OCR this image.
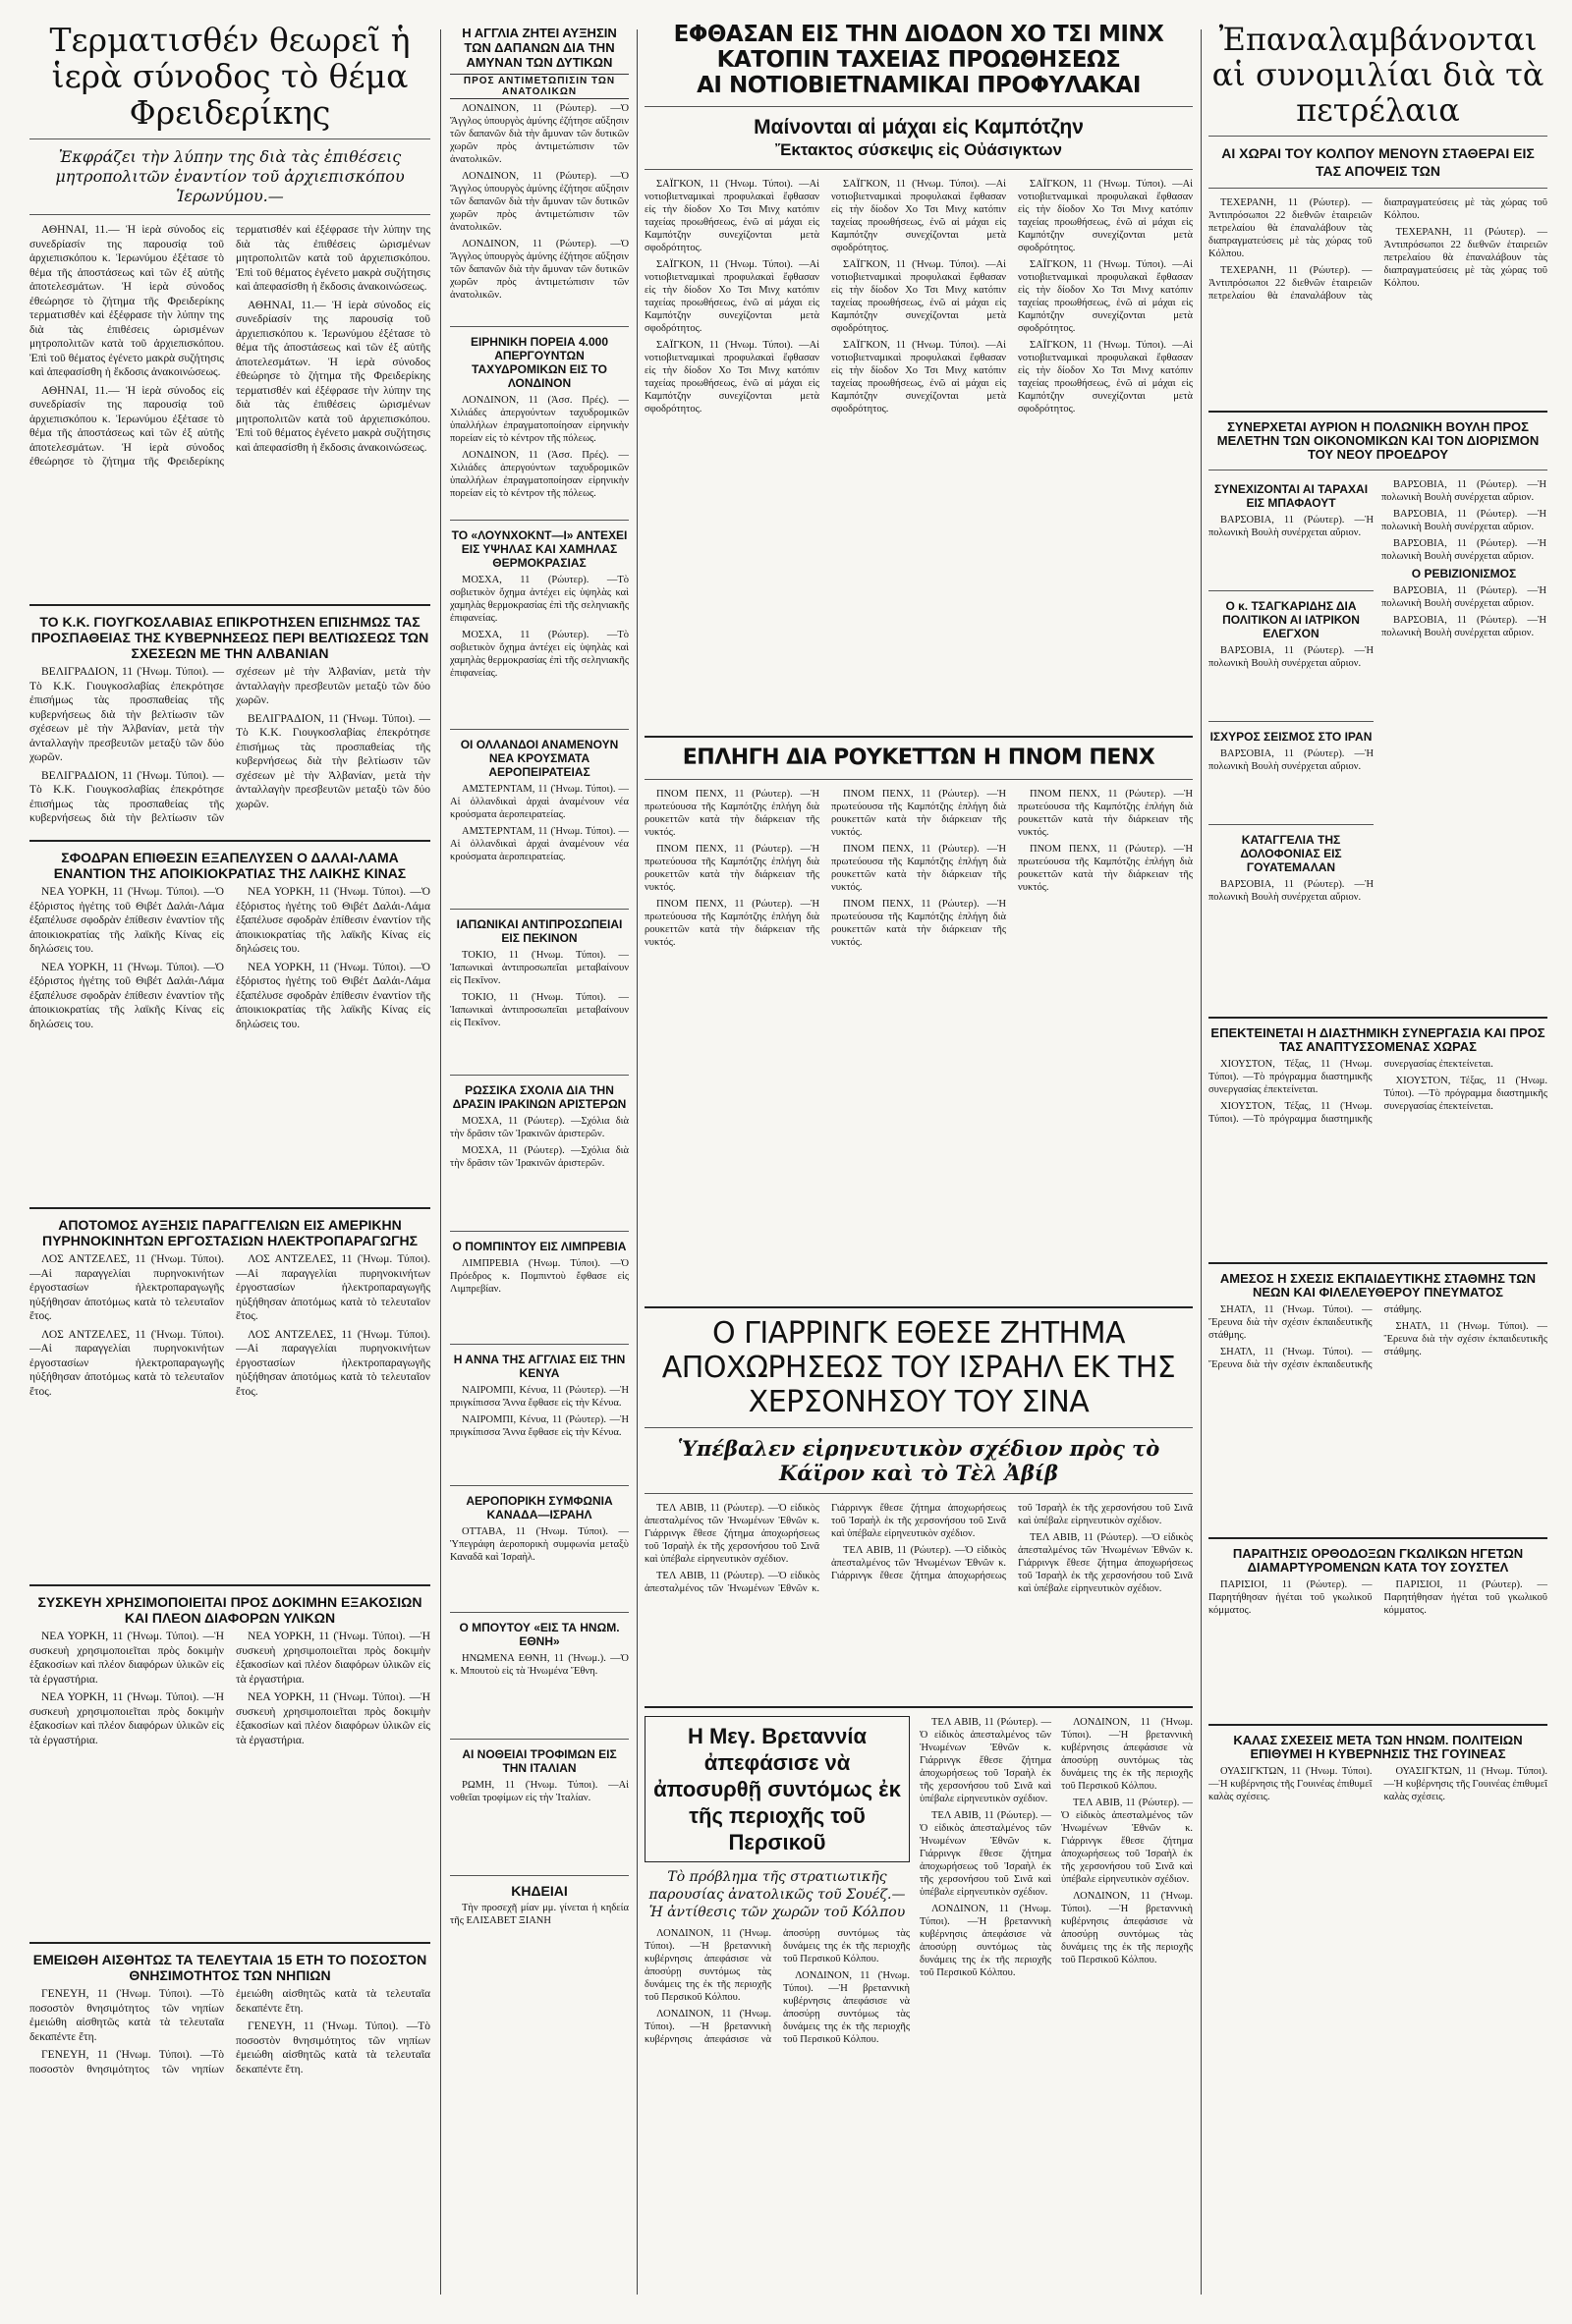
Τερματισθέν θεωρεῖ ἡ ἱερὰ σύνοδος τὸ θέμα Φρειδερίκης
Ἐκφράζει τὴν λύπην της διὰ τὰς ἐπιθέσεις μητροπολιτῶν ἐναντίον τοῦ ἀρχιεπισκόπου Ἱερωνύμου.—

ΑΘΗΝΑΙ, 11.— Ἡ ἱερὰ σύνοδος εἰς συνεδρίασίν της παρουσίᾳ τοῦ ἀρχιεπισκόπου κ. Ἱερωνύμου ἐξέτασε τὸ θέμα τῆς ἀποστάσεως καὶ τῶν ἐξ αὐτῆς ἀποτελεσμάτων. Ἡ ἱερὰ σύνοδος ἐθεώρησε τὸ ζήτημα τῆς Φρειδερίκης τερματισθέν καὶ ἐξέφρασε τὴν λύπην της διὰ τὰς ἐπιθέσεις ὡρισμένων μητροπολιτῶν κατὰ τοῦ ἀρχιεπισκόπου. Ἐπὶ τοῦ θέματος ἐγένετο μακρὰ συζήτησις καὶ ἀπεφασίσθη ἡ ἔκδοσις ἀνακοινώσεως.

ΑΘΗΝΑΙ, 11.— Ἡ ἱερὰ σύνοδος εἰς συνεδρίασίν της παρουσίᾳ τοῦ ἀρχιεπισκόπου κ. Ἱερωνύμου ἐξέτασε τὸ θέμα τῆς ἀποστάσεως καὶ τῶν ἐξ αὐτῆς ἀποτελεσμάτων. Ἡ ἱερὰ σύνοδος ἐθεώρησε τὸ ζήτημα τῆς Φρειδερίκης τερματισθέν καὶ ἐξέφρασε τὴν λύπην της διὰ τὰς ἐπιθέσεις ὡρισμένων μητροπολιτῶν κατὰ τοῦ ἀρχιεπισκόπου. Ἐπὶ τοῦ θέματος ἐγένετο μακρὰ συζήτησις καὶ ἀπεφασίσθη ἡ ἔκδοσις ἀνακοινώσεως.

ΑΘΗΝΑΙ, 11.— Ἡ ἱερὰ σύνοδος εἰς συνεδρίασίν της παρουσίᾳ τοῦ ἀρχιεπισκόπου κ. Ἱερωνύμου ἐξέτασε τὸ θέμα τῆς ἀποστάσεως καὶ τῶν ἐξ αὐτῆς ἀποτελεσμάτων. Ἡ ἱερὰ σύνοδος ἐθεώρησε τὸ ζήτημα τῆς Φρειδερίκης τερματισθέν καὶ ἐξέφρασε τὴν λύπην της διὰ τὰς ἐπιθέσεις ὡρισμένων μητροπολιτῶν κατὰ τοῦ ἀρχιεπισκόπου. Ἐπὶ τοῦ θέματος ἐγένετο μακρὰ συζήτησις καὶ ἀπεφασίσθη ἡ ἔκδοσις ἀνακοινώσεως.

ΤΟ Κ.Κ. ΓΙΟΥΓΚΟΣΛΑΒΙΑΣ ΕΠΙΚΡΟΤΗΣΕΝ ΕΠΙΣΗΜΩΣ ΤΑΣ ΠΡΟΣΠΑΘΕΙΑΣ ΤΗΣ ΚΥΒΕΡΝΗΣΕΩΣ ΠΕΡΙ ΒΕΛΤΙΩΣΕΩΣ ΤΩΝ ΣΧΕΣΕΩΝ ΜΕ ΤΗΝ ΑΛΒΑΝΙΑΝ

ΒΕΛΙΓΡΑΔΙΟΝ, 11 (Ἡνωμ. Τύποι). —Τὸ Κ.Κ. Γιουγκοσλαβίας ἐπεκρότησε ἐπισήμως τὰς προσπαθείας τῆς κυβερνήσεως διὰ τὴν βελτίωσιν τῶν σχέσεων μὲ τὴν Ἀλβανίαν, μετὰ τὴν ἀνταλλαγὴν πρεσβευτῶν μεταξὺ τῶν δύο χωρῶν.

ΒΕΛΙΓΡΑΔΙΟΝ, 11 (Ἡνωμ. Τύποι). —Τὸ Κ.Κ. Γιουγκοσλαβίας ἐπεκρότησε ἐπισήμως τὰς προσπαθείας τῆς κυβερνήσεως διὰ τὴν βελτίωσιν τῶν σχέσεων μὲ τὴν Ἀλβανίαν, μετὰ τὴν ἀνταλλαγὴν πρεσβευτῶν μεταξὺ τῶν δύο χωρῶν.

ΒΕΛΙΓΡΑΔΙΟΝ, 11 (Ἡνωμ. Τύποι). —Τὸ Κ.Κ. Γιουγκοσλαβίας ἐπεκρότησε ἐπισήμως τὰς προσπαθείας τῆς κυβερνήσεως διὰ τὴν βελτίωσιν τῶν σχέσεων μὲ τὴν Ἀλβανίαν, μετὰ τὴν ἀνταλλαγὴν πρεσβευτῶν μεταξὺ τῶν δύο χωρῶν.

ΣΦΟΔΡΑΝ ΕΠΙΘΕΣΙΝ ΕΞΑΠΕΛΥΣΕΝ Ο ΔΑΛΑΙ-ΛΑΜΑ ΕΝΑΝΤΙΟΝ ΤΗΣ ΑΠΟΙΚΙΟΚΡΑΤΙΑΣ ΤΗΣ ΛΑΙΚΗΣ ΚΙΝΑΣ

ΝΕΑ ΥΟΡΚΗ, 11 (Ἡνωμ. Τύποι). —Ὁ ἐξόριστος ἡγέτης τοῦ Θιβέτ Δαλάι-Λάμα ἐξαπέλυσε σφοδρὰν ἐπίθεσιν ἐναντίον τῆς ἀποικιοκρατίας τῆς λαϊκῆς Κίνας εἰς δηλώσεις του.

ΝΕΑ ΥΟΡΚΗ, 11 (Ἡνωμ. Τύποι). —Ὁ ἐξόριστος ἡγέτης τοῦ Θιβέτ Δαλάι-Λάμα ἐξαπέλυσε σφοδρὰν ἐπίθεσιν ἐναντίον τῆς ἀποικιοκρατίας τῆς λαϊκῆς Κίνας εἰς δηλώσεις του.

ΝΕΑ ΥΟΡΚΗ, 11 (Ἡνωμ. Τύποι). —Ὁ ἐξόριστος ἡγέτης τοῦ Θιβέτ Δαλάι-Λάμα ἐξαπέλυσε σφοδρὰν ἐπίθεσιν ἐναντίον τῆς ἀποικιοκρατίας τῆς λαϊκῆς Κίνας εἰς δηλώσεις του.

ΝΕΑ ΥΟΡΚΗ, 11 (Ἡνωμ. Τύποι). —Ὁ ἐξόριστος ἡγέτης τοῦ Θιβέτ Δαλάι-Λάμα ἐξαπέλυσε σφοδρὰν ἐπίθεσιν ἐναντίον τῆς ἀποικιοκρατίας τῆς λαϊκῆς Κίνας εἰς δηλώσεις του.

ΑΠΟΤΟΜΟΣ ΑΥΞΗΣΙΣ ΠΑΡΑΓΓΕΛΙΩΝ ΕΙΣ ΑΜΕΡΙΚΗΝ ΠΥΡΗΝΟΚΙΝΗΤΩΝ ΕΡΓΟΣΤΑΣΙΩΝ ΗΛΕΚΤΡΟΠΑΡΑΓΩΓΗΣ

ΛΟΣ ΑΝΤΖΕΛΕΣ, 11 (Ἡνωμ. Τύποι). —Αἱ παραγγελίαι πυρηνοκινήτων ἐργοστασίων ἠλεκτροπαραγωγῆς ηὐξήθησαν ἀποτόμως κατὰ τὸ τελευταῖον ἔτος.

ΛΟΣ ΑΝΤΖΕΛΕΣ, 11 (Ἡνωμ. Τύποι). —Αἱ παραγγελίαι πυρηνοκινήτων ἐργοστασίων ἠλεκτροπαραγωγῆς ηὐξήθησαν ἀποτόμως κατὰ τὸ τελευταῖον ἔτος.

ΛΟΣ ΑΝΤΖΕΛΕΣ, 11 (Ἡνωμ. Τύποι). —Αἱ παραγγελίαι πυρηνοκινήτων ἐργοστασίων ἠλεκτροπαραγωγῆς ηὐξήθησαν ἀποτόμως κατὰ τὸ τελευταῖον ἔτος.

ΛΟΣ ΑΝΤΖΕΛΕΣ, 11 (Ἡνωμ. Τύποι). —Αἱ παραγγελίαι πυρηνοκινήτων ἐργοστασίων ἠλεκτροπαραγωγῆς ηὐξήθησαν ἀποτόμως κατὰ τὸ τελευταῖον ἔτος.

ΣΥΣΚΕΥΗ ΧΡΗΣΙΜΟΠΟΙΕΙΤΑΙ ΠΡΟΣ ΔΟΚΙΜΗΝ ΕΞΑΚΟΣΙΩΝ ΚΑΙ ΠΛΕΟΝ ΔΙΑΦΟΡΩΝ ΥΛΙΚΩΝ

ΝΕΑ ΥΟΡΚΗ, 11 (Ἡνωμ. Τύποι). —Ἡ συσκευὴ χρησιμοποιεῖται πρὸς δοκιμὴν ἑξακοσίων καὶ πλέον διαφόρων ὑλικῶν εἰς τὰ ἐργαστήρια.

ΝΕΑ ΥΟΡΚΗ, 11 (Ἡνωμ. Τύποι). —Ἡ συσκευὴ χρησιμοποιεῖται πρὸς δοκιμὴν ἑξακοσίων καὶ πλέον διαφόρων ὑλικῶν εἰς τὰ ἐργαστήρια.

ΝΕΑ ΥΟΡΚΗ, 11 (Ἡνωμ. Τύποι). —Ἡ συσκευὴ χρησιμοποιεῖται πρὸς δοκιμὴν ἑξακοσίων καὶ πλέον διαφόρων ὑλικῶν εἰς τὰ ἐργαστήρια.

ΝΕΑ ΥΟΡΚΗ, 11 (Ἡνωμ. Τύποι). —Ἡ συσκευὴ χρησιμοποιεῖται πρὸς δοκιμὴν ἑξακοσίων καὶ πλέον διαφόρων ὑλικῶν εἰς τὰ ἐργαστήρια.

ΕΜΕΙΩΘΗ ΑΙΣΘΗΤΩΣ ΤΑ ΤΕΛΕΥΤΑΙΑ 15 ΕΤΗ ΤΟ ΠΟΣΟΣΤΟΝ ΘΝΗΣΙΜΟΤΗΤΟΣ ΤΩΝ ΝΗΠΙΩΝ

ΓΕΝΕΥΗ, 11 (Ἡνωμ. Τύποι). —Τὸ ποσοστὸν θνησιμότητος τῶν νηπίων ἐμειώθη αἰσθητῶς κατὰ τὰ τελευταῖα δεκαπέντε ἔτη.

ΓΕΝΕΥΗ, 11 (Ἡνωμ. Τύποι). —Τὸ ποσοστὸν θνησιμότητος τῶν νηπίων ἐμειώθη αἰσθητῶς κατὰ τὰ τελευταῖα δεκαπέντε ἔτη.

ΓΕΝΕΥΗ, 11 (Ἡνωμ. Τύποι). —Τὸ ποσοστὸν θνησιμότητος τῶν νηπίων ἐμειώθη αἰσθητῶς κατὰ τὰ τελευταῖα δεκαπέντε ἔτη.

Η ΑΓΓΛΙΑ ΖΗΤΕΙ ΑΥΞΗΣΙΝ ΤΩΝ ΔΑΠΑΝΩΝ ΔΙΑ ΤΗΝ ΑΜΥΝΑΝ ΤΩΝ ΔΥΤΙΚΩΝ
ΠΡΟΣ ΑΝΤΙΜΕΤΩΠΙΣΙΝ ΤΩΝ ΑΝΑΤΟΛΙΚΩΝ

ΛΟΝΔΙΝΟΝ, 11 (Ρώυτερ). —Ὁ Ἄγγλος ὑπουργὸς ἀμύνης ἐζήτησε αὔξησιν τῶν δαπανῶν διὰ τὴν ἄμυναν τῶν δυτικῶν χωρῶν πρὸς ἀντιμετώπισιν τῶν ἀνατολικῶν.

ΛΟΝΔΙΝΟΝ, 11 (Ρώυτερ). —Ὁ Ἄγγλος ὑπουργὸς ἀμύνης ἐζήτησε αὔξησιν τῶν δαπανῶν διὰ τὴν ἄμυναν τῶν δυτικῶν χωρῶν πρὸς ἀντιμετώπισιν τῶν ἀνατολικῶν.

ΛΟΝΔΙΝΟΝ, 11 (Ρώυτερ). —Ὁ Ἄγγλος ὑπουργὸς ἀμύνης ἐζήτησε αὔξησιν τῶν δαπανῶν διὰ τὴν ἄμυναν τῶν δυτικῶν χωρῶν πρὸς ἀντιμετώπισιν τῶν ἀνατολικῶν.

ΕΙΡΗΝΙΚΗ ΠΟΡΕΙΑ 4.000 ΑΠΕΡΓΟΥΝΤΩΝ ΤΑΧΥΔΡΟΜΙΚΩΝ ΕΙΣ ΤΟ ΛΟΝΔΙΝΟΝ

ΛΟΝΔΙΝΟΝ, 11 (Ἀσσ. Πρές). —Χιλιάδες ἀπεργούντων ταχυδρομικῶν ὑπαλλήλων ἐπραγματοποίησαν εἰρηνικὴν πορείαν εἰς τὸ κέντρον τῆς πόλεως.

ΛΟΝΔΙΝΟΝ, 11 (Ἀσσ. Πρές). —Χιλιάδες ἀπεργούντων ταχυδρομικῶν ὑπαλλήλων ἐπραγματοποίησαν εἰρηνικὴν πορείαν εἰς τὸ κέντρον τῆς πόλεως.

ΤΟ «ΛΟΥΝΧΟΚΝΤ—Ι» ΑΝΤΕΧΕΙ ΕΙΣ ΥΨΗΛΑΣ ΚΑΙ ΧΑΜΗΛΑΣ ΘΕΡΜΟΚΡΑΣΙΑΣ

ΜΟΣΧΑ, 11 (Ρώυτερ). —Τὸ σοβιετικὸν ὄχημα ἀντέχει εἰς ὑψηλὰς καὶ χαμηλὰς θερμοκρασίας ἐπὶ τῆς σεληνιακῆς ἐπιφανείας.

ΜΟΣΧΑ, 11 (Ρώυτερ). —Τὸ σοβιετικὸν ὄχημα ἀντέχει εἰς ὑψηλὰς καὶ χαμηλὰς θερμοκρασίας ἐπὶ τῆς σεληνιακῆς ἐπιφανείας.

ΟΙ ΟΛΛΑΝΔΟΙ ΑΝΑΜΕΝΟΥΝ ΝΕΑ ΚΡΟΥΣΜΑΤΑ ΑΕΡΟΠΕΙΡΑΤΕΙΑΣ

ΑΜΣΤΕΡΝΤΑΜ, 11 (Ἡνωμ. Τύποι). —Αἱ ὀλλανδικαὶ ἀρχαὶ ἀναμένουν νέα κρούσματα ἀεροπειρατείας.

ΑΜΣΤΕΡΝΤΑΜ, 11 (Ἡνωμ. Τύποι). —Αἱ ὀλλανδικαὶ ἀρχαὶ ἀναμένουν νέα κρούσματα ἀεροπειρατείας.

ΙΑΠΩΝΙΚΑΙ ΑΝΤΙΠΡΟΣΩΠΕΙΑΙ ΕΙΣ ΠΕΚΙΝΟΝ

ΤΟΚΙΟ, 11 (Ἡνωμ. Τύποι). —Ἰαπωνικαὶ ἀντιπροσωπεῖαι μεταβαίνουν εἰς Πεκῖνον.

ΤΟΚΙΟ, 11 (Ἡνωμ. Τύποι). —Ἰαπωνικαὶ ἀντιπροσωπεῖαι μεταβαίνουν εἰς Πεκῖνον.

ΡΩΣΣΙΚΑ ΣΧΟΛΙΑ ΔΙΑ ΤΗΝ ΔΡΑΣΙΝ ΙΡΑΚΙΝΩΝ ΑΡΙΣΤΕΡΩΝ

ΜΟΣΧΑ, 11 (Ρώυτερ). —Σχόλια διὰ τὴν δρᾶσιν τῶν Ἰρακινῶν ἀριστερῶν.

ΜΟΣΧΑ, 11 (Ρώυτερ). —Σχόλια διὰ τὴν δρᾶσιν τῶν Ἰρακινῶν ἀριστερῶν.

Ο ΠΟΜΠΙΝΤΟΥ ΕΙΣ ΛΙΜΠΡΕΒΙΑ

ΛΙΜΠΡΕΒΙΑ (Ἡνωμ. Τύποι). —Ὁ Πρόεδρος κ. Πομπιντοὺ ἔφθασε εἰς Λιμπρεβίαν.

Η ΑΝΝΑ ΤΗΣ ΑΓΓΛΙΑΣ ΕΙΣ ΤΗΝ ΚΕΝΥΑ

ΝΑΙΡΟΜΠΙ, Κένυα, 11 (Ρώυτερ). —Ἡ πριγκίπισσα Ἄννα ἔφθασε εἰς τὴν Κένυα.

ΝΑΙΡΟΜΠΙ, Κένυα, 11 (Ρώυτερ). —Ἡ πριγκίπισσα Ἄννα ἔφθασε εἰς τὴν Κένυα.

ΑΕΡΟΠΟΡΙΚΗ ΣΥΜΦΩΝΙΑ ΚΑΝΑΔΑ—ΙΣΡΑΗΛ

ΟΤΤΑΒΑ, 11 (Ἡνωμ. Τύποι). —Ὑπεγράφη ἀεροπορικὴ συμφωνία μεταξὺ Καναδᾶ καὶ Ἰσραὴλ.

Ο ΜΠΟΥΤΟΥ «ΕΙΣ ΤΑ ΗΝΩΜ. ΕΘΝΗ»

ΗΝΩΜΕΝΑ ΕΘΝΗ, 11 (Ἡνωμ.). —Ὁ κ. Μπουτοὺ εἰς τὰ Ἡνωμένα Ἔθνη.

ΑΙ ΝΟΘΕΙΑΙ ΤΡΟΦΙΜΩΝ ΕΙΣ ΤΗΝ ΙΤΑΛΙΑΝ

ΡΩΜΗ, 11 (Ἡνωμ. Τύποι). —Αἱ νοθεῖαι τροφίμων εἰς τὴν Ἰταλίαν.

ΚΗΔΕΙΑΙ

Τὴν προσεχῆ μίαν μμ. γίνεται ἡ κηδεία τῆς ΕΛΙΣΑΒΕΤ ΞΙΑΝΗ

ΕΦΘΑΣΑΝ ΕΙΣ ΤΗΝ ΔΙΟΔΟΝ ΧΟ ΤΣΙ ΜΙΝΧ
ΚΑΤΟΠΙΝ ΤΑΧΕΙΑΣ ΠΡΟΩΘΗΣΕΩΣ
ΑΙ ΝΟΤΙΟΒΙΕΤΝΑΜΙΚΑΙ ΠΡΟΦΥΛΑΚΑΙ
Μαίνονται αἱ μάχαι εἰς Καμπότζην
Ἔκτακτος σύσκεψις εἰς Οὐάσιγκτων

ΣΑΪΓΚΟΝ, 11 (Ἡνωμ. Τύποι). —Αἱ νοτιοβιετναμικαὶ προφυλακαὶ ἔφθασαν εἰς τὴν δίοδον Χο Τσι Μινχ κατόπιν ταχείας προωθήσεως, ἐνῶ αἱ μάχαι εἰς Καμπότζην συνεχίζονται μετὰ σφοδρότητος.

ΣΑΪΓΚΟΝ, 11 (Ἡνωμ. Τύποι). —Αἱ νοτιοβιετναμικαὶ προφυλακαὶ ἔφθασαν εἰς τὴν δίοδον Χο Τσι Μινχ κατόπιν ταχείας προωθήσεως, ἐνῶ αἱ μάχαι εἰς Καμπότζην συνεχίζονται μετὰ σφοδρότητος.

ΣΑΪΓΚΟΝ, 11 (Ἡνωμ. Τύποι). —Αἱ νοτιοβιετναμικαὶ προφυλακαὶ ἔφθασαν εἰς τὴν δίοδον Χο Τσι Μινχ κατόπιν ταχείας προωθήσεως, ἐνῶ αἱ μάχαι εἰς Καμπότζην συνεχίζονται μετὰ σφοδρότητος.

ΣΑΪΓΚΟΝ, 11 (Ἡνωμ. Τύποι). —Αἱ νοτιοβιετναμικαὶ προφυλακαὶ ἔφθασαν εἰς τὴν δίοδον Χο Τσι Μινχ κατόπιν ταχείας προωθήσεως, ἐνῶ αἱ μάχαι εἰς Καμπότζην συνεχίζονται μετὰ σφοδρότητος.

ΣΑΪΓΚΟΝ, 11 (Ἡνωμ. Τύποι). —Αἱ νοτιοβιετναμικαὶ προφυλακαὶ ἔφθασαν εἰς τὴν δίοδον Χο Τσι Μινχ κατόπιν ταχείας προωθήσεως, ἐνῶ αἱ μάχαι εἰς Καμπότζην συνεχίζονται μετὰ σφοδρότητος.

ΣΑΪΓΚΟΝ, 11 (Ἡνωμ. Τύποι). —Αἱ νοτιοβιετναμικαὶ προφυλακαὶ ἔφθασαν εἰς τὴν δίοδον Χο Τσι Μινχ κατόπιν ταχείας προωθήσεως, ἐνῶ αἱ μάχαι εἰς Καμπότζην συνεχίζονται μετὰ σφοδρότητος.

ΣΑΪΓΚΟΝ, 11 (Ἡνωμ. Τύποι). —Αἱ νοτιοβιετναμικαὶ προφυλακαὶ ἔφθασαν εἰς τὴν δίοδον Χο Τσι Μινχ κατόπιν ταχείας προωθήσεως, ἐνῶ αἱ μάχαι εἰς Καμπότζην συνεχίζονται μετὰ σφοδρότητος.

ΣΑΪΓΚΟΝ, 11 (Ἡνωμ. Τύποι). —Αἱ νοτιοβιετναμικαὶ προφυλακαὶ ἔφθασαν εἰς τὴν δίοδον Χο Τσι Μινχ κατόπιν ταχείας προωθήσεως, ἐνῶ αἱ μάχαι εἰς Καμπότζην συνεχίζονται μετὰ σφοδρότητος.

ΣΑΪΓΚΟΝ, 11 (Ἡνωμ. Τύποι). —Αἱ νοτιοβιετναμικαὶ προφυλακαὶ ἔφθασαν εἰς τὴν δίοδον Χο Τσι Μινχ κατόπιν ταχείας προωθήσεως, ἐνῶ αἱ μάχαι εἰς Καμπότζην συνεχίζονται μετὰ σφοδρότητος.

ΕΠΛΗΓΗ ΔΙΑ ΡΟΥΚΕΤΤΩΝ Η ΠΝΟΜ ΠΕΝΧ

ΠΝΟΜ ΠΕΝΧ, 11 (Ρώυτερ). —Ἡ πρωτεύουσα τῆς Καμπότζης ἐπλήγη διὰ ρουκεττῶν κατὰ τὴν διάρκειαν τῆς νυκτός.

ΠΝΟΜ ΠΕΝΧ, 11 (Ρώυτερ). —Ἡ πρωτεύουσα τῆς Καμπότζης ἐπλήγη διὰ ρουκεττῶν κατὰ τὴν διάρκειαν τῆς νυκτός.

ΠΝΟΜ ΠΕΝΧ, 11 (Ρώυτερ). —Ἡ πρωτεύουσα τῆς Καμπότζης ἐπλήγη διὰ ρουκεττῶν κατὰ τὴν διάρκειαν τῆς νυκτός.

ΠΝΟΜ ΠΕΝΧ, 11 (Ρώυτερ). —Ἡ πρωτεύουσα τῆς Καμπότζης ἐπλήγη διὰ ρουκεττῶν κατὰ τὴν διάρκειαν τῆς νυκτός.

ΠΝΟΜ ΠΕΝΧ, 11 (Ρώυτερ). —Ἡ πρωτεύουσα τῆς Καμπότζης ἐπλήγη διὰ ρουκεττῶν κατὰ τὴν διάρκειαν τῆς νυκτός.

ΠΝΟΜ ΠΕΝΧ, 11 (Ρώυτερ). —Ἡ πρωτεύουσα τῆς Καμπότζης ἐπλήγη διὰ ρουκεττῶν κατὰ τὴν διάρκειαν τῆς νυκτός.

ΠΝΟΜ ΠΕΝΧ, 11 (Ρώυτερ). —Ἡ πρωτεύουσα τῆς Καμπότζης ἐπλήγη διὰ ρουκεττῶν κατὰ τὴν διάρκειαν τῆς νυκτός.

ΠΝΟΜ ΠΕΝΧ, 11 (Ρώυτερ). —Ἡ πρωτεύουσα τῆς Καμπότζης ἐπλήγη διὰ ρουκεττῶν κατὰ τὴν διάρκειαν τῆς νυκτός.

Ο ΓΙΑΡΡΙΝΓΚ ΕΘΕΣΕ ΖΗΤΗΜΑ ΑΠΟΧΩΡΗΣΕΩΣ ΤΟΥ ΙΣΡΑΗΛ ΕΚ ΤΗΣ ΧΕΡΣΟΝΗΣΟΥ ΤΟΥ ΣΙΝΑ
Ὑπέβαλεν εἰρηνευτικὸν σχέδιον πρὸς τὸ Κάϊρον καὶ τὸ Τὲλ Ἀβίβ

ΤΕΛ ΑΒΙΒ, 11 (Ρώυτερ). —Ὁ εἰδικὸς ἀπεσταλμένος τῶν Ἡνωμένων Ἐθνῶν κ. Γιάρρινγκ ἔθεσε ζήτημα ἀποχωρήσεως τοῦ Ἰσραὴλ ἐκ τῆς χερσονήσου τοῦ Σινᾶ καὶ ὑπέβαλε εἰρηνευτικὸν σχέδιον.

ΤΕΛ ΑΒΙΒ, 11 (Ρώυτερ). —Ὁ εἰδικὸς ἀπεσταλμένος τῶν Ἡνωμένων Ἐθνῶν κ. Γιάρρινγκ ἔθεσε ζήτημα ἀποχωρήσεως τοῦ Ἰσραὴλ ἐκ τῆς χερσονήσου τοῦ Σινᾶ καὶ ὑπέβαλε εἰρηνευτικὸν σχέδιον.

ΤΕΛ ΑΒΙΒ, 11 (Ρώυτερ). —Ὁ εἰδικὸς ἀπεσταλμένος τῶν Ἡνωμένων Ἐθνῶν κ. Γιάρρινγκ ἔθεσε ζήτημα ἀποχωρήσεως τοῦ Ἰσραὴλ ἐκ τῆς χερσονήσου τοῦ Σινᾶ καὶ ὑπέβαλε εἰρηνευτικὸν σχέδιον.

ΤΕΛ ΑΒΙΒ, 11 (Ρώυτερ). —Ὁ εἰδικὸς ἀπεσταλμένος τῶν Ἡνωμένων Ἐθνῶν κ. Γιάρρινγκ ἔθεσε ζήτημα ἀποχωρήσεως τοῦ Ἰσραὴλ ἐκ τῆς χερσονήσου τοῦ Σινᾶ καὶ ὑπέβαλε εἰρηνευτικὸν σχέδιον.

Η Μεγ. Βρεταννία ἀπεφάσισε νὰ ἀποσυρθῇ συντόμως ἐκ τῆς περιοχῆς τοῦ Περσικοῦ
Τὸ πρόβλημα τῆς στρατιωτικῆς παρουσίας ἀνατολικῶς τοῦ Σουέζ.— Ἡ ἀντίθεσις τῶν χωρῶν τοῦ Κόλπου

ΛΟΝΔΙΝΟΝ, 11 (Ἡνωμ. Τύποι). —Ἡ βρεταννικὴ κυβέρνησις ἀπεφάσισε νὰ ἀποσύρῃ συντόμως τὰς δυνάμεις της ἐκ τῆς περιοχῆς τοῦ Περσικοῦ Κόλπου.

ΛΟΝΔΙΝΟΝ, 11 (Ἡνωμ. Τύποι). —Ἡ βρεταννικὴ κυβέρνησις ἀπεφάσισε νὰ ἀποσύρῃ συντόμως τὰς δυνάμεις της ἐκ τῆς περιοχῆς τοῦ Περσικοῦ Κόλπου.

ΛΟΝΔΙΝΟΝ, 11 (Ἡνωμ. Τύποι). —Ἡ βρεταννικὴ κυβέρνησις ἀπεφάσισε νὰ ἀποσύρῃ συντόμως τὰς δυνάμεις της ἐκ τῆς περιοχῆς τοῦ Περσικοῦ Κόλπου.

ΤΕΛ ΑΒΙΒ, 11 (Ρώυτερ). —Ὁ εἰδικὸς ἀπεσταλμένος τῶν Ἡνωμένων Ἐθνῶν κ. Γιάρρινγκ ἔθεσε ζήτημα ἀποχωρήσεως τοῦ Ἰσραὴλ ἐκ τῆς χερσονήσου τοῦ Σινᾶ καὶ ὑπέβαλε εἰρηνευτικὸν σχέδιον.

ΤΕΛ ΑΒΙΒ, 11 (Ρώυτερ). —Ὁ εἰδικὸς ἀπεσταλμένος τῶν Ἡνωμένων Ἐθνῶν κ. Γιάρρινγκ ἔθεσε ζήτημα ἀποχωρήσεως τοῦ Ἰσραὴλ ἐκ τῆς χερσονήσου τοῦ Σινᾶ καὶ ὑπέβαλε εἰρηνευτικὸν σχέδιον.

ΛΟΝΔΙΝΟΝ, 11 (Ἡνωμ. Τύποι). —Ἡ βρεταννικὴ κυβέρνησις ἀπεφάσισε νὰ ἀποσύρῃ συντόμως τὰς δυνάμεις της ἐκ τῆς περιοχῆς τοῦ Περσικοῦ Κόλπου.

ΛΟΝΔΙΝΟΝ, 11 (Ἡνωμ. Τύποι). —Ἡ βρεταννικὴ κυβέρνησις ἀπεφάσισε νὰ ἀποσύρῃ συντόμως τὰς δυνάμεις της ἐκ τῆς περιοχῆς τοῦ Περσικοῦ Κόλπου.

ΤΕΛ ΑΒΙΒ, 11 (Ρώυτερ). —Ὁ εἰδικὸς ἀπεσταλμένος τῶν Ἡνωμένων Ἐθνῶν κ. Γιάρρινγκ ἔθεσε ζήτημα ἀποχωρήσεως τοῦ Ἰσραὴλ ἐκ τῆς χερσονήσου τοῦ Σινᾶ καὶ ὑπέβαλε εἰρηνευτικὸν σχέδιον.

ΛΟΝΔΙΝΟΝ, 11 (Ἡνωμ. Τύποι). —Ἡ βρεταννικὴ κυβέρνησις ἀπεφάσισε νὰ ἀποσύρῃ συντόμως τὰς δυνάμεις της ἐκ τῆς περιοχῆς τοῦ Περσικοῦ Κόλπου.

Ἐπαναλαμβάνονται αἱ συνομιλίαι διὰ τὰ πετρέλαια
ΑΙ ΧΩΡΑΙ ΤΟΥ ΚΟΛΠΟΥ ΜΕΝΟΥΝ ΣΤΑΘΕΡΑΙ ΕΙΣ ΤΑΣ ΑΠΟΨΕΙΣ ΤΩΝ

ΤΕΧΕΡΑΝΗ, 11 (Ρώυτερ). —Ἀντιπρόσωποι 22 διεθνῶν ἑταιρειῶν πετρελαίου θὰ ἐπαναλάβουν τὰς διαπραγματεύσεις μὲ τὰς χώρας τοῦ Κόλπου.

ΤΕΧΕΡΑΝΗ, 11 (Ρώυτερ). —Ἀντιπρόσωποι 22 διεθνῶν ἑταιρειῶν πετρελαίου θὰ ἐπαναλάβουν τὰς διαπραγματεύσεις μὲ τὰς χώρας τοῦ Κόλπου.

ΤΕΧΕΡΑΝΗ, 11 (Ρώυτερ). —Ἀντιπρόσωποι 22 διεθνῶν ἑταιρειῶν πετρελαίου θὰ ἐπαναλάβουν τὰς διαπραγματεύσεις μὲ τὰς χώρας τοῦ Κόλπου.

ΣΥΝΕΡΧΕΤΑΙ ΑΥΡΙΟΝ Η ΠΟΛΩΝΙΚΗ ΒΟΥΛΗ ΠΡΟΣ ΜΕΛΕΤΗΝ ΤΩΝ ΟΙΚΟΝΟΜΙΚΩΝ ΚΑΙ ΤΟΝ ΔΙΟΡΙΣΜΟΝ ΤΟΥ ΝΕΟΥ ΠΡΟΕΔΡΟΥ
ΣΥΝΕΧΙΖΟΝΤΑΙ ΑΙ ΤΑΡΑΧΑΙ ΕΙΣ ΜΠΑΦΑΟΥΤ

ΒΑΡΣΟΒΙΑ, 11 (Ρώυτερ). —Ἡ πολωνικὴ Βουλὴ συνέρχεται αὔριον.

Ο κ. ΤΣΑΓΚΑΡΙΔΗΣ ΔΙΑ ΠΟΛΙΤΙΚΟΝ ΑΙ ΙΑΤΡΙΚΟΝ ΕΛΕΓΧΟΝ

ΒΑΡΣΟΒΙΑ, 11 (Ρώυτερ). —Ἡ πολωνικὴ Βουλὴ συνέρχεται αὔριον.

ΙΣΧΥΡΟΣ ΣΕΙΣΜΟΣ ΣΤΟ ΙΡΑΝ

ΒΑΡΣΟΒΙΑ, 11 (Ρώυτερ). —Ἡ πολωνικὴ Βουλὴ συνέρχεται αὔριον.

ΚΑΤΑΓΓΕΛΙΑ ΤΗΣ ΔΟΛΟΦΟΝΙΑΣ ΕΙΣ ΓΟΥΑΤΕΜΑΛΑΝ

ΒΑΡΣΟΒΙΑ, 11 (Ρώυτερ). —Ἡ πολωνικὴ Βουλὴ συνέρχεται αὔριον.

ΒΑΡΣΟΒΙΑ, 11 (Ρώυτερ). —Ἡ πολωνικὴ Βουλὴ συνέρχεται αὔριον.

ΒΑΡΣΟΒΙΑ, 11 (Ρώυτερ). —Ἡ πολωνικὴ Βουλὴ συνέρχεται αὔριον.

ΒΑΡΣΟΒΙΑ, 11 (Ρώυτερ). —Ἡ πολωνικὴ Βουλὴ συνέρχεται αὔριον.

Ο ΡΕΒΙΖΙΟΝΙΣΜΟΣ

ΒΑΡΣΟΒΙΑ, 11 (Ρώυτερ). —Ἡ πολωνικὴ Βουλὴ συνέρχεται αὔριον.

ΒΑΡΣΟΒΙΑ, 11 (Ρώυτερ). —Ἡ πολωνικὴ Βουλὴ συνέρχεται αὔριον.

ΕΠΕΚΤΕΙΝΕΤΑΙ Η ΔΙΑΣΤΗΜΙΚΗ ΣΥΝΕΡΓΑΣΙΑ ΚΑΙ ΠΡΟΣ ΤΑΣ ΑΝΑΠΤΥΣΣΟΜΕΝΑΣ ΧΩΡΑΣ

ΧΙΟΥΣΤΟΝ, Τέξας, 11 (Ἡνωμ. Τύποι). —Τὸ πρόγραμμα διαστημικῆς συνεργασίας ἐπεκτείνεται.

ΧΙΟΥΣΤΟΝ, Τέξας, 11 (Ἡνωμ. Τύποι). —Τὸ πρόγραμμα διαστημικῆς συνεργασίας ἐπεκτείνεται.

ΧΙΟΥΣΤΟΝ, Τέξας, 11 (Ἡνωμ. Τύποι). —Τὸ πρόγραμμα διαστημικῆς συνεργασίας ἐπεκτείνεται.

ΑΜΕΣΟΣ Η ΣΧΕΣΙΣ ΕΚΠΑΙΔΕΥΤΙΚΗΣ ΣΤΑΘΜΗΣ ΤΩΝ ΝΕΩΝ ΚΑΙ ΦΙΛΕΛΕΥΘΕΡΟΥ ΠΝΕΥΜΑΤΟΣ

ΣΗΑΤΛ, 11 (Ἡνωμ. Τύποι). —Ἔρευνα διὰ τὴν σχέσιν ἐκπαιδευτικῆς στάθμης.

ΣΗΑΤΛ, 11 (Ἡνωμ. Τύποι). —Ἔρευνα διὰ τὴν σχέσιν ἐκπαιδευτικῆς στάθμης.

ΣΗΑΤΛ, 11 (Ἡνωμ. Τύποι). —Ἔρευνα διὰ τὴν σχέσιν ἐκπαιδευτικῆς στάθμης.

ΠΑΡΑΙΤΗΣΙΣ ΟΡΘΟΔΟΞΩΝ ΓΚΩΛΙΚΩΝ ΗΓΕΤΩΝ ΔΙΑΜΑΡΤΥΡΟΜΕΝΩΝ ΚΑΤΑ ΤΟΥ ΣΟΥΣΤΕΛ

ΠΑΡΙΣΙΟΙ, 11 (Ρώυτερ). —Παρητήθησαν ἡγέται τοῦ γκωλικοῦ κόμματος.

ΠΑΡΙΣΙΟΙ, 11 (Ρώυτερ). —Παρητήθησαν ἡγέται τοῦ γκωλικοῦ κόμματος.

ΚΑΛΑΣ ΣΧΕΣΕΙΣ ΜΕΤΑ ΤΩΝ ΗΝΩΜ. ΠΟΛΙΤΕΙΩΝ ΕΠΙΘΥΜΕΙ Η ΚΥΒΕΡΝΗΣΙΣ ΤΗΣ ΓΟΥΙΝΕΑΣ

ΟΥΑΣΙΓΚΤΩΝ, 11 (Ἡνωμ. Τύποι). —Ἡ κυβέρνησις τῆς Γουινέας ἐπιθυμεῖ καλὰς σχέσεις.

ΟΥΑΣΙΓΚΤΩΝ, 11 (Ἡνωμ. Τύποι). —Ἡ κυβέρνησις τῆς Γουινέας ἐπιθυμεῖ καλὰς σχέσεις.
